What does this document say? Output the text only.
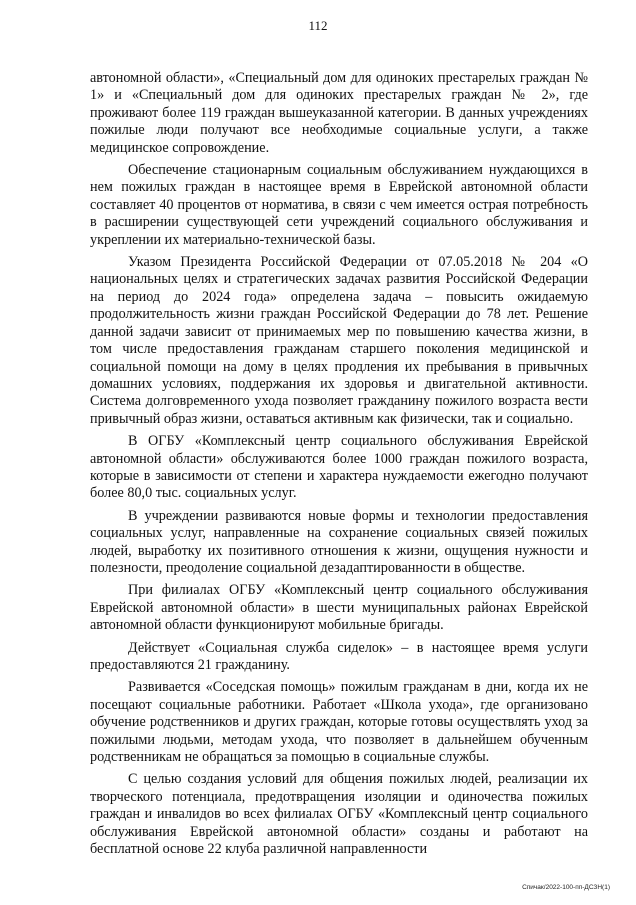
112

автономной области», «Специальный дом для одиноких престарелых граждан № 1» и «Специальный дом для одиноких престарелых граждан № 2», где проживают более 119 граждан вышеуказанной категории. В данных учреждениях пожилые люди получают все необходимые социальные услуги, а также медицинское сопровождение.

Обеспечение стационарным социальным обслуживанием нуждающихся в нем пожилых граждан в настоящее время в Еврейской автономной области составляет 40 процентов от норматива, в связи с чем имеется острая потребность в расширении существующей сети учреждений социального обслуживания и укреплении их материально-технической базы.

Указом Президента Российской Федерации от 07.05.2018 № 204 «О национальных целях и стратегических задачах развития Российской Федерации на период до 2024 года» определена задача – повысить ожидаемую продолжительность жизни граждан Российской Федерации до 78 лет. Решение данной задачи зависит от принимаемых мер по повышению качества жизни, в том числе предоставления гражданам старшего поколения медицинской и социальной помощи на дому в целях продления их пребывания в привычных домашних условиях, поддержания их здоровья и двигательной активности. Система долговременного ухода позволяет гражданину пожилого возраста вести привычный образ жизни, оставаться активным как физически, так и социально.

В ОГБУ «Комплексный центр социального обслуживания Еврейской автономной области» обслуживаются более 1000 граждан пожилого возраста, которые в зависимости от степени и характера нуждаемости ежегодно получают более 80,0 тыс. социальных услуг.

В учреждении развиваются новые формы и технологии предоставления социальных услуг, направленные на сохранение социальных связей пожилых людей, выработку их позитивного отношения к жизни, ощущения нужности и полезности, преодоление социальной дезадаптированности в обществе.

При филиалах ОГБУ «Комплексный центр социального обслуживания Еврейской автономной области» в шести муниципальных районах Еврейской автономной области функционируют мобильные бригады.

Действует «Социальная служба сиделок» – в настоящее время услуги предоставляются 21 гражданину.

Развивается «Соседская помощь» пожилым гражданам в дни, когда их не посещают социальные работники. Работает «Школа ухода», где организовано обучение родственников и других граждан, которые готовы осуществлять уход за пожилыми людьми, методам ухода, что позволяет в дальнейшем обученным родственникам не обращаться за помощью в социальные службы.

С целью создания условий для общения пожилых людей, реализации их творческого потенциала, предотвращения изоляции и одиночества пожилых граждан и инвалидов во всех филиалах ОГБУ «Комплексный центр социального обслуживания Еврейской автономной области» созданы и работают на бесплатной основе 22 клуба различной направленности

Спичак/2022-100-пп-ДСЗН(1)
